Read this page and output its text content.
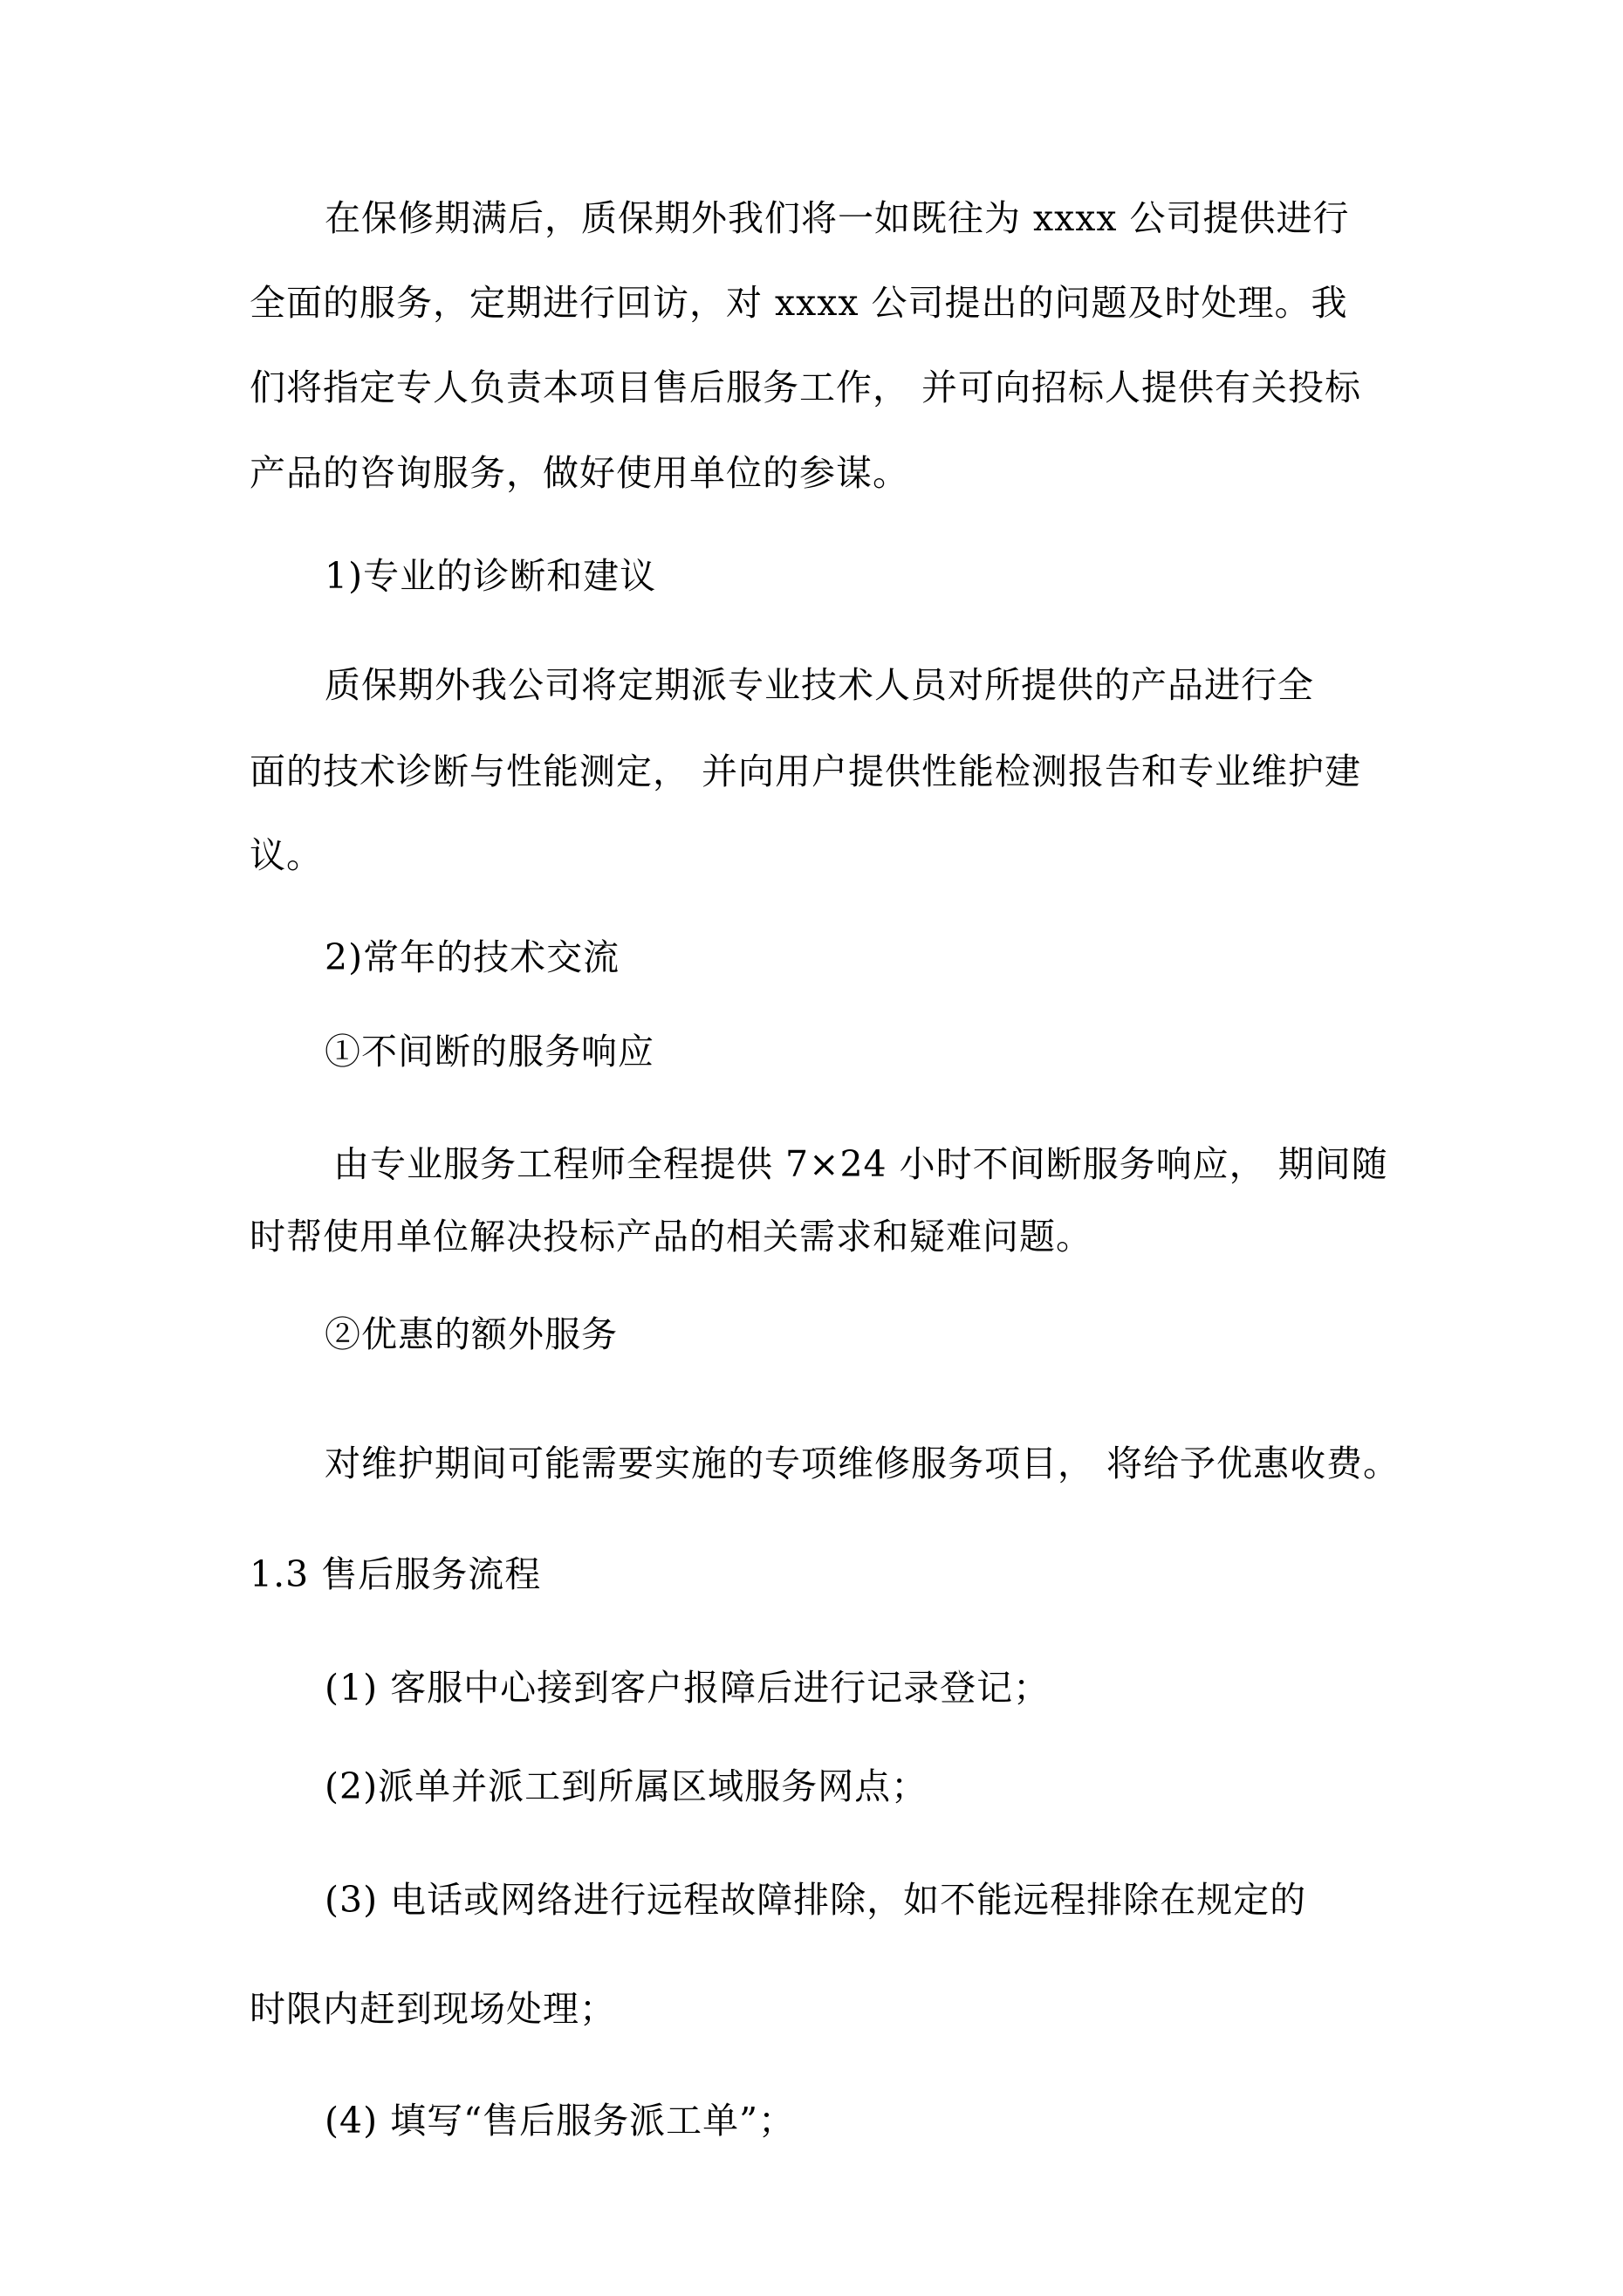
在保修期满后，质保期外我们将一如既往为 xxxx 公司提供进行
全面的服务，定期进行回访，对 xxxx 公司提出的问题及时处理。我
们将指定专人负责本项目售后服务工作， 并可向招标人提供有关投标
产品的咨询服务，做好使用单位的参谋。
1)专业的诊断和建议
质保期外我公司将定期派专业技术人员对所提供的产品进行全
面的技术诊断与性能测定， 并向用户提供性能检测报告和专业维护建
议。
2)常年的技术交流
①不间断的服务响应
由专业服务工程师全程提供 7×24 小时不间断服务响应， 期间随
时帮使用单位解决投标产品的相关需求和疑难问题。
②优惠的额外服务
对维护期间可能需要实施的专项维修服务项目， 将给予优惠收费。
1.3 售后服务流程
(1) 客服中心接到客户报障后进行记录登记；
(2)派单并派工到所属区域服务网点；
(3) 电话或网络进行远程故障排除，如不能远程排除在规定的
时限内赶到现场处理；
(4) 填写“售后服务派工单”；
